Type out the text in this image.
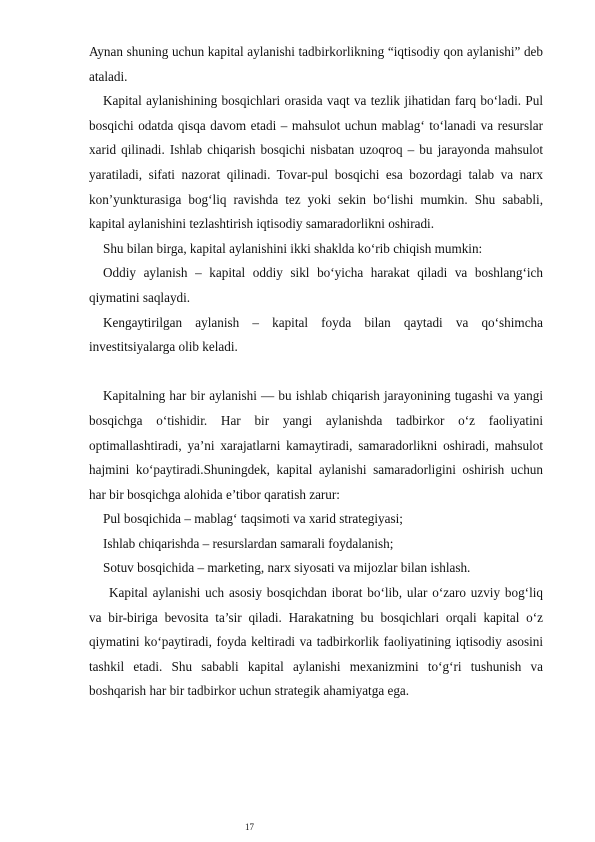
Aynan shuning uchun kapital aylanishi tadbirkorlikning “iqtisodiy qon aylanishi” deb ataladi.

Kapital aylanishining bosqichlari orasida vaqt va tezlik jihatidan farq bo‘ladi. Pul bosqichi odatda qisqa davom etadi – mahsulot uchun mablag‘ to‘lanadi va resurslar xarid qilinadi. Ishlab chiqarish bosqichi nisbatan uzoqroq – bu jarayonda mahsulot yaratiladi, sifati nazorat qilinadi. Tovar-pul bosqichi esa bozordagi talab va narx kon’yunkturasiga bog‘liq ravishda tez yoki sekin bo‘lishi mumkin. Shu sababli, kapital aylanishini tezlashtirish iqtisodiy samaradorlikni oshiradi.

Shu bilan birga, kapital aylanishini ikki shaklda ko‘rib chiqish mumkin:

Oddiy aylanish – kapital oddiy sikl bo‘yicha harakat qiladi va boshlang‘ich qiymatini saqlaydi.

Kengaytirilgan aylanish – kapital foyda bilan qaytadi va qo‘shimcha investitsiyalarga olib keladi.

Kapitalning har bir aylanishi — bu ishlab chiqarish jarayonining tugashi va yangi bosqichga o‘tishidir. Har bir yangi aylanishda tadbirkor o‘z faoliyatini optimallashtiradi, ya’ni xarajatlarni kamaytiradi, samaradorlikni oshiradi, mahsulot hajmini ko‘paytiradi.Shuningdek, kapital aylanishi samaradorligini oshirish uchun har bir bosqichga alohida e’tibor qaratish zarur:

Pul bosqichida – mablag‘ taqsimoti va xarid strategiyasi;

Ishlab chiqarishda – resurslardan samarali foydalanish;

Sotuv bosqichida – marketing, narx siyosati va mijozlar bilan ishlash.

Kapital aylanishi uch asosiy bosqichdan iborat bo‘lib, ular o‘zaro uzviy bog‘liq va bir-biriga bevosita ta’sir qiladi. Harakatning bu bosqichlari orqali kapital o‘z qiymatini ko‘paytiradi, foyda keltiradi va tadbirkorlik faoliyatining iqtisodiy asosini tashkil etadi. Shu sababli kapital aylanishi mexanizmini to‘g‘ri tushunish va boshqarish har bir tadbirkor uchun strategik ahamiyatga ega.

17
